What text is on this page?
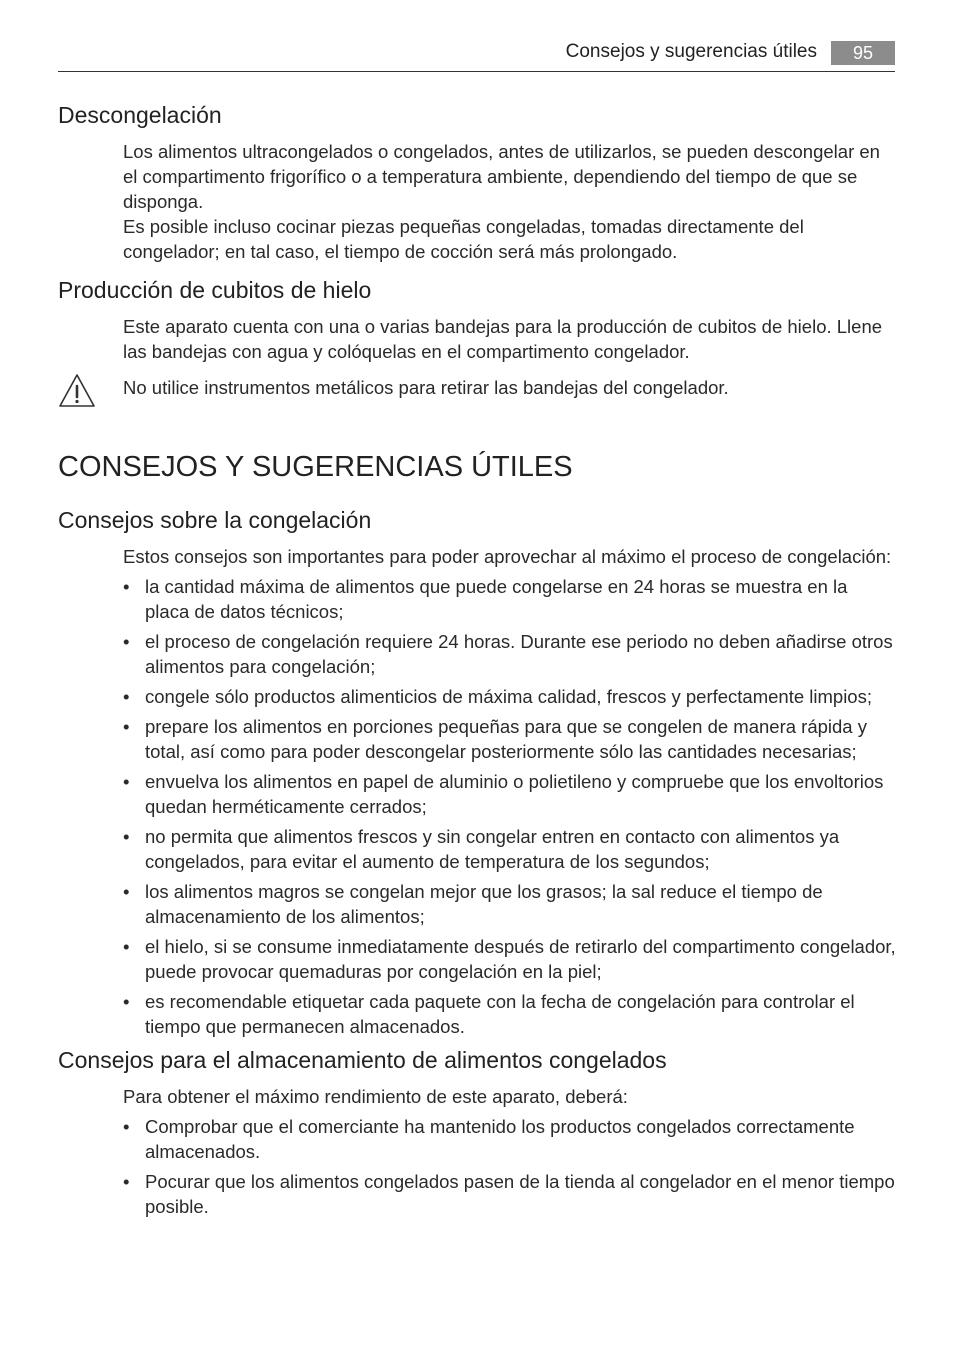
Consejos y sugerencias útiles	95
Descongelación

Los alimentos ultracongelados o congelados, antes de utilizarlos, se pueden descongelar en el compartimento frigorífico o a temperatura ambiente, dependiendo del tiempo de que se disponga.

Es posible incluso cocinar piezas pequeñas congeladas, tomadas directamente del congelador; en tal caso, el tiempo de cocción será más prolongado.

Producción de cubitos de hielo

Este aparato cuenta con una o varias bandejas para la producción de cubitos de hielo. Llene las bandejas con agua y colóquelas en el compartimento congelador.

No utilice instrumentos metálicos para retirar las bandejas del congelador.
CONSEJOS Y SUGERENCIAS ÚTILES
Consejos sobre la congelación

Estos consejos son importantes para poder aprovechar al máximo el proceso de congelación:

• la cantidad máxima de alimentos que puede congelarse en 24 horas se muestra en la placa de datos técnicos;
• el proceso de congelación requiere 24 horas. Durante ese periodo no deben añadirse otros alimentos para congelación;
• congele sólo productos alimenticios de máxima calidad, frescos y perfectamente limpios;
• prepare los alimentos en porciones pequeñas para que se congelen de manera rápida y total, así como para poder descongelar posteriormente sólo las cantidades necesarias;
• envuelva los alimentos en papel de aluminio o polietileno y compruebe que los envoltorios quedan herméticamente cerrados;
• no permita que alimentos frescos y sin congelar entren en contacto con alimentos ya congelados, para evitar el aumento de temperatura de los segundos;
• los alimentos magros se congelan mejor que los grasos; la sal reduce el tiempo de almacenamiento de los alimentos;
• el hielo, si se consume inmediatamente después de retirarlo del compartimento congelador, puede provocar quemaduras por congelación en la piel;
• es recomendable etiquetar cada paquete con la fecha de congelación para controlar el tiempo que permanecen almacenados.
Consejos para el almacenamiento de alimentos congelados

Para obtener el máximo rendimiento de este aparato, deberá:

• Comprobar que el comerciante ha mantenido los productos congelados correctamente almacenados.
• Pocurar que los alimentos congelados pasen de la tienda al congelador en el menor tiempo posible.
